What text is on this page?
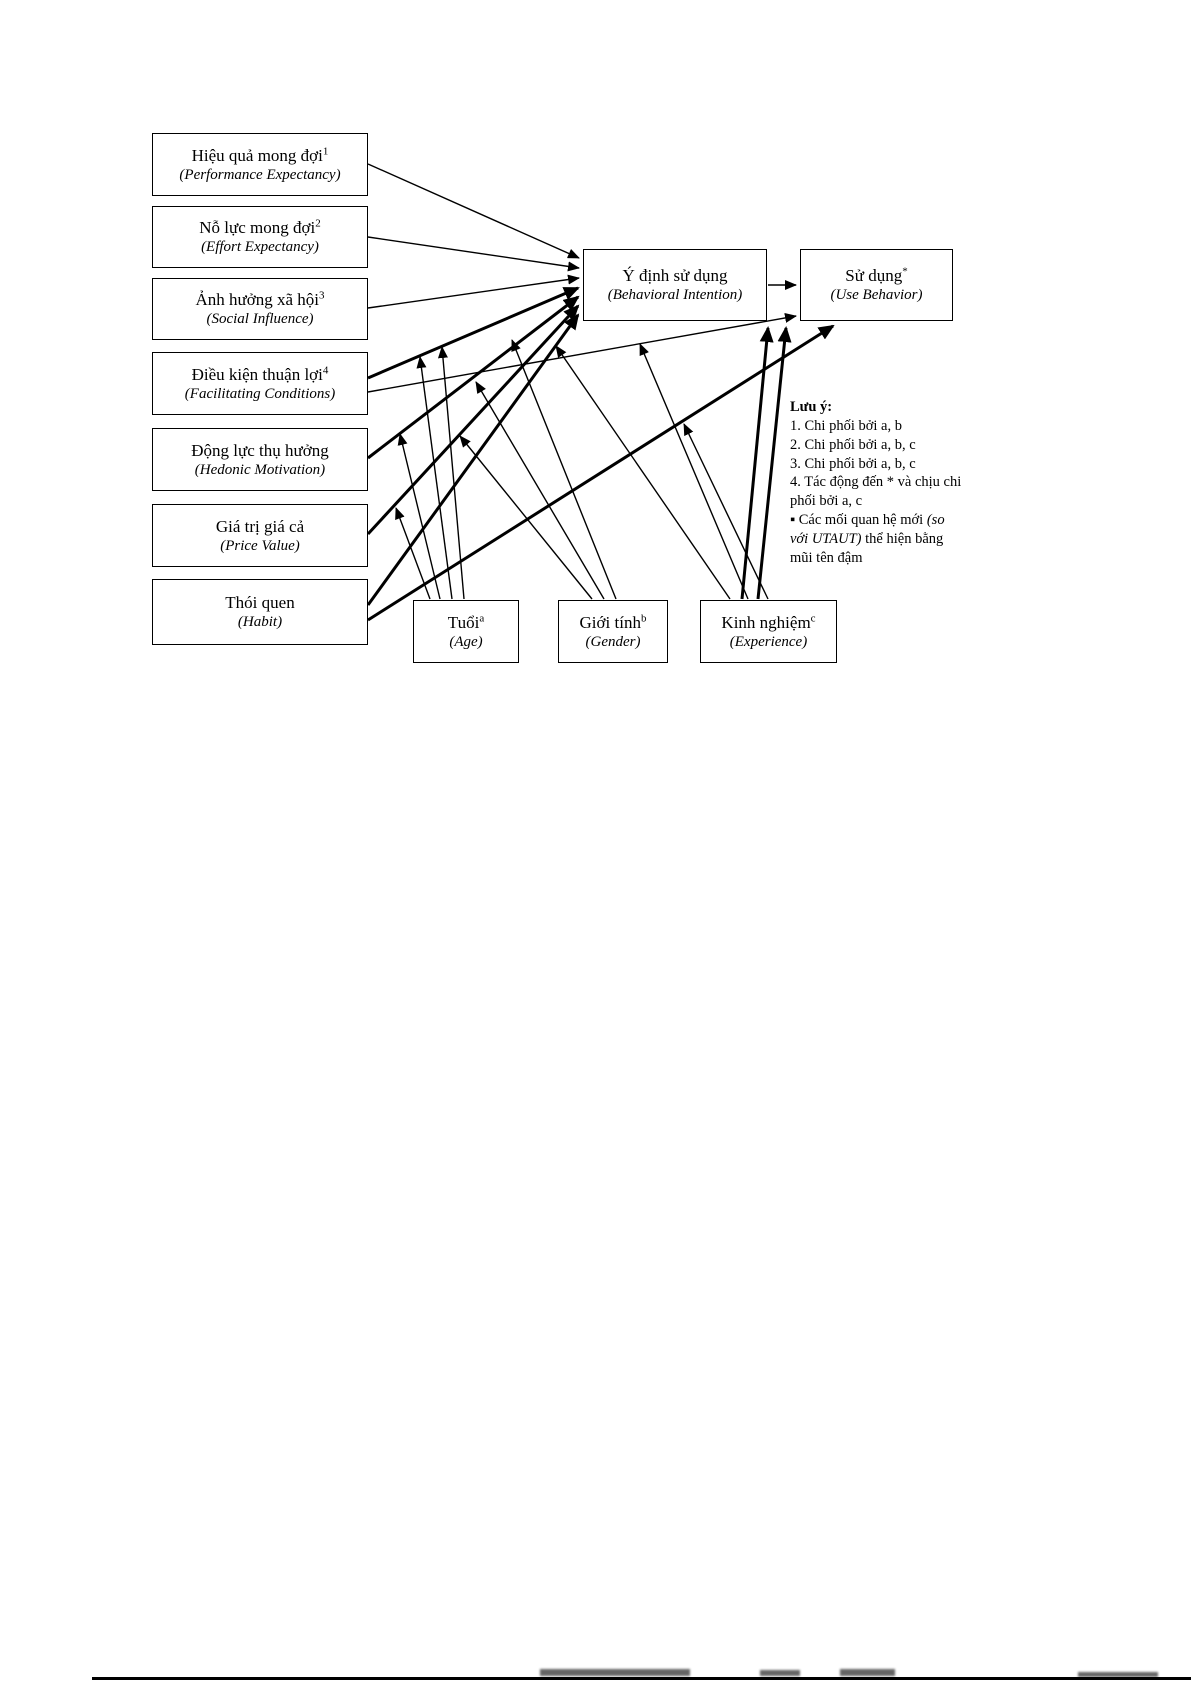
Hiệu quả mong đợi$^1$
(Performance Expectancy)
Nỗ lực mong đợi$^2$
(Effort Expectancy)
Ảnh hưởng xã hội$^3$
(Social Influence)
Điều kiện thuận lợi$^4$
(Facilitating Conditions)
Động lực thụ hưởng
(Hedonic Motivation)
Giá trị giá cả
(Price Value)
Thói quen
(Habit)
Ý định sử dụng
(Behavioral Intention)
Sử dụng*
(Use Behavior)
Tuổi$^a$
(Age)
Giới tính$^b$
(Gender)
Kinh nghiệm$^c$
(Experience)
Lưu ý:
1. Chi phối bởi a, b
2. Chi phối bởi a, b, c
3. Chi phối bởi a, b, c
4. Tác động đến * và chịu chi phối bởi a, c
▪ Các mối quan hệ mới (so với UTAUT) thể hiện bằng mũi tên đậm
